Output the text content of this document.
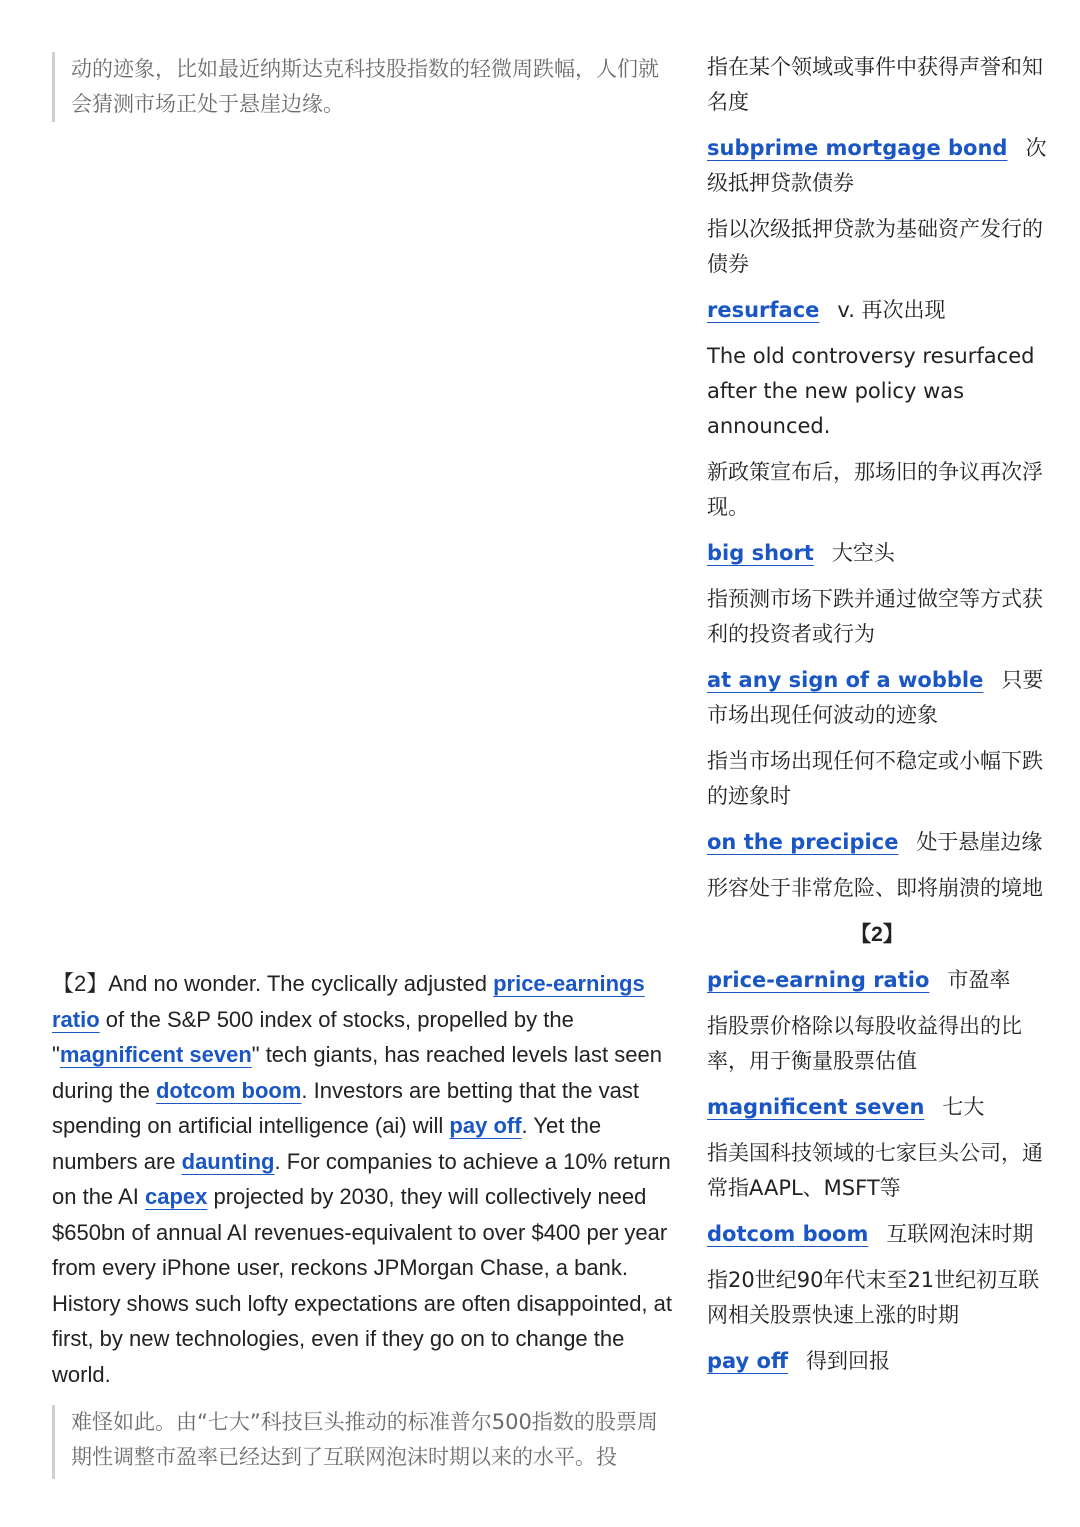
动的迹象，比如最近纳斯达克科技股指数的轻微周跌幅，人们就会猜测市场正处于悬崖边缘。

【2】And no wonder. The cyclically adjusted price-earnings ratio of the S&P 500 index of stocks, propelled by the "magnificent seven" tech giants, has reached levels last seen during the dotcom boom. Investors are betting that the vast spending on artificial intelligence (ai) will pay off. Yet the numbers are daunting. For companies to achieve a 10% return on the AI capex projected by 2030, they will collectively need $650bn of annual AI revenues-equivalent to over $400 per year from every iPhone user, reckons JPMorgan Chase, a bank. History shows such lofty expectations are often disappointed, at first, by new technologies, even if they go on to change the world.

难怪如此。由“七大”科技巨头推动的标准普尔500指数的股票周期性调整市盈率已经达到了互联网泡沫时期以来的水平。投
指在某个领域或事件中获得声誉和知名度
subprime mortgage bond 次级抵押贷款债券
指以次级抵押贷款为基础资产发行的债券
resurface v. 再次出现
The old controversy resurfaced after the new policy was announced.
新政策宣布后，那场旧的争议再次浮现。
big short 大空头
指预测市场下跌并通过做空等方式获利的投资者或行为
at any sign of a wobble 只要市场出现任何波动的迹象
指当市场出现任何不稳定或小幅下跌的迹象时
on the precipice 处于悬崖边缘
形容处于非常危险、即将崩溃的境地
【2】
price-earning ratio 市盈率
指股票价格除以每股收益得出的比率，用于衡量股票估值
magnificent seven 七大
指美国科技领域的七家巨头公司，通常指AAPL、MSFT等
dotcom boom 互联网泡沫时期
指20世纪90年代末至21世纪初互联网相关股票快速上涨的时期
pay off 得到回报
